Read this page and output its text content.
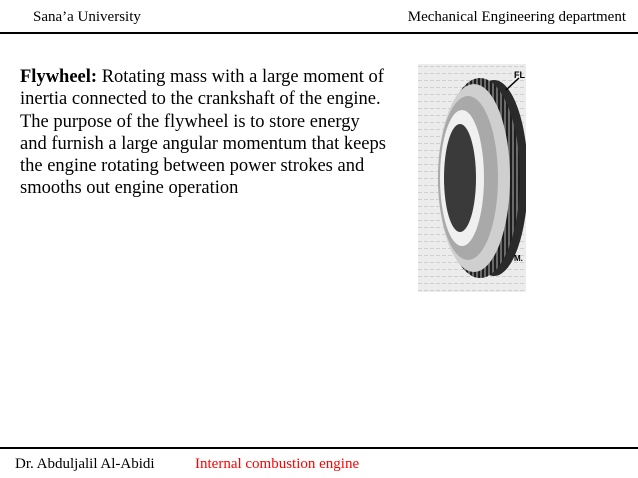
Sana’a University	Mechanical Engineering department
Flywheel: Rotating mass with a large moment of inertia connected to the crankshaft of the engine. The purpose of the flywheel is to store energy and furnish a large angular momentum that keeps the engine rotating between power strokes and smooths out engine operation
FL
M.
Dr. Abduljalil Al-Abidi	Internal combustion engine
